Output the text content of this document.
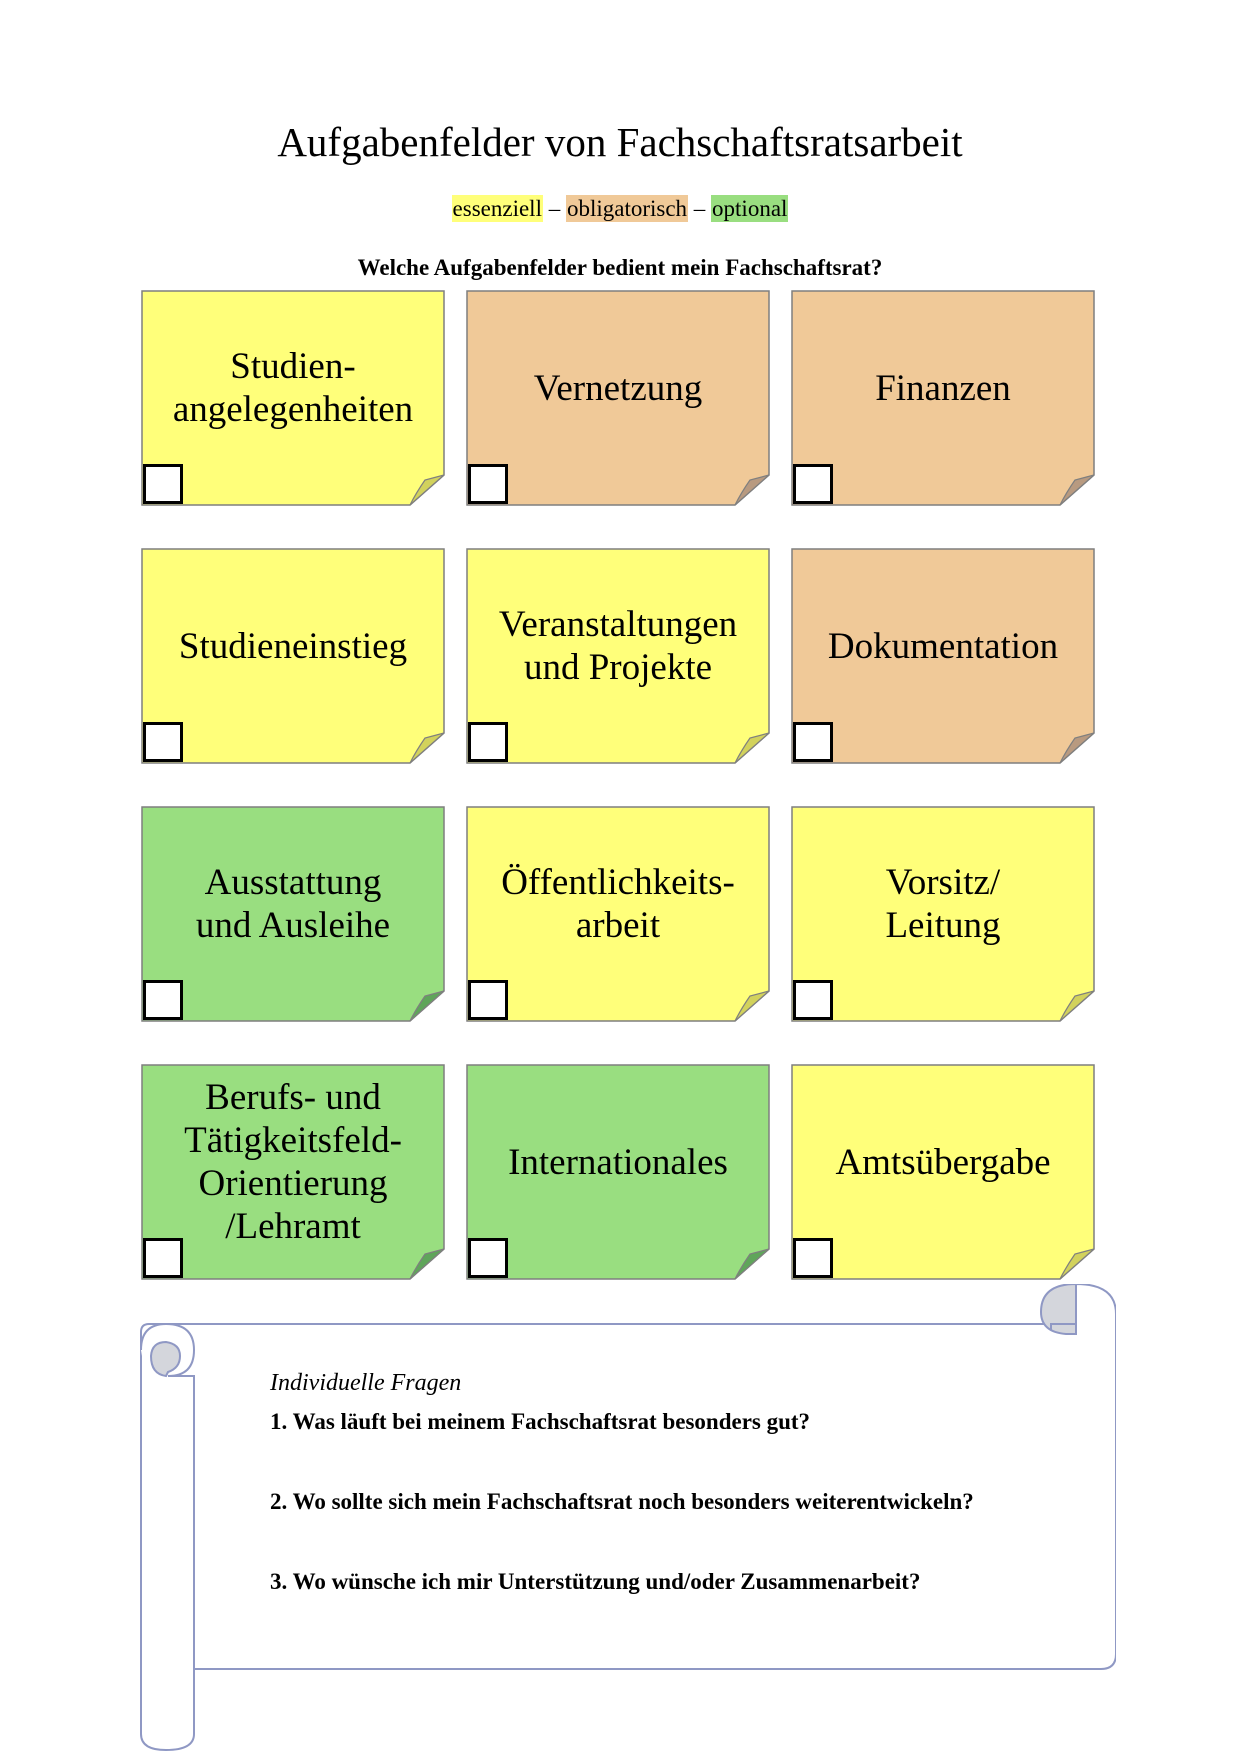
Aufgabenfelder von Fachschaftsratsarbeit
essenziell – obligatorisch – optional
Welche Aufgabenfelder bedient mein Fachschaftsrat?
Studien-
angelegenheiten
Vernetzung	Finanzen
Studieneinstieg
Veranstaltungen
und Projekte
Dokumentation
Ausstattung
und Ausleihe
Öffentlichkeits-
arbeit
Vorsitz/
Leitung
Berufs- und
Tätigkeitsfeld-
Orientierung
/Lehramt
Internationales	Amtsübergabe
Individuelle Fragen
1. Was läuft bei meinem Fachschaftsrat besonders gut?
2. Wo sollte sich mein Fachschaftsrat noch besonders weiterentwickeln?
3. Wo wünsche ich mir Unterstützung und/oder Zusammenarbeit?
